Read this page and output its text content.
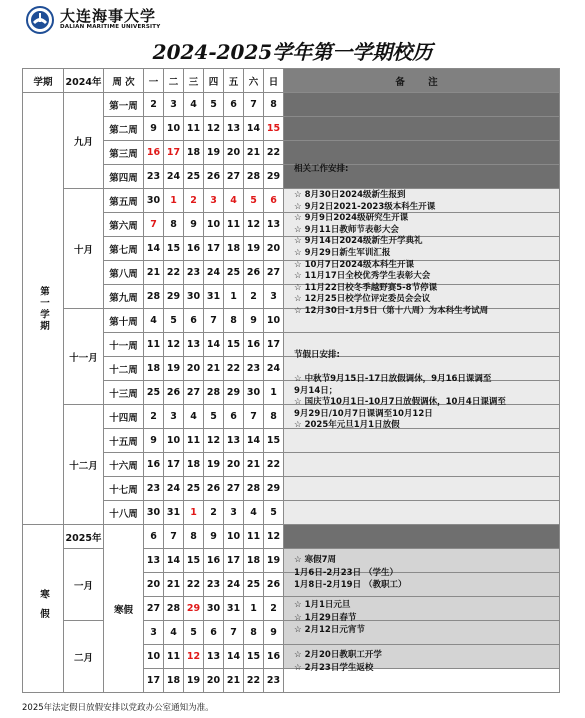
大连海事大学
DALIAN MARITIME UNIVERSITY
2024-2025学年第一学期校历
学期	2024年	周 次	一	二	三	四	五	六	日	备 注
第一学期	九月	第一周	2	3	4	5	6	7	8	
		第二周	9	10	11	12	13	14	15	
		第三周	16	17	18	19	20	21	22	
		第四周	23	24	25	26	27	28	29	
	十月	第五周	30	1	2	3	4	5	6	
		第六周	7	8	9	10	11	12	13	
		第七周	14	15	16	17	18	19	20	
		第八周	21	22	23	24	25	26	27	
		第九周	28	29	30	31	1	2	3	
	十一月	第十周	4	5	6	7	8	9	10	
		十一周	11	12	13	14	15	16	17	
		十二周	18	19	20	21	22	23	24	
		十三周	25	26	27	28	29	30	1	
	十二月	十四周	2	3	4	5	6	7	8	
		十五周	9	10	11	12	13	14	15	
		十六周	16	17	18	19	20	21	22	
		十七周	23	24	25	26	27	28	29	
		十八周	30	31	1	2	3	4	5	
寒假	2025年	寒假	6	7	8	9	10	11	12	
	一月		13	14	15	16	17	18	19	
			20	21	22	23	24	25	26	
			27	28	29	30	31	1	2	
	二月		3	4	5	6	7	8	9	
			10	11	12	13	14	15	16	
			17	18	19	20	21	22	23	
相关工作安排:
☆ 8月30日2024级新生报到
☆ 9月2日2021-2023级本科生开课
☆ 9月9日2024级研究生开课
☆ 9月11日教师节表彰大会
☆ 9月14日2024级新生开学典礼
☆ 9月29日新生军训汇报
☆ 10月7日2024级本科生开课
☆ 11月17日全校优秀学生表彰大会
☆ 11月22日校冬季越野赛5-8节停课
☆ 12月25日校学位评定委员会会议
☆ 12月30日-1月5日（第十八周）为本科生考试周
节假日安排:
☆ 中秋节9月15日-17日放假调休，9月16日课调至
9月14日；
☆ 国庆节10月1日-10月7日放假调休，10月4日课调至
9月29日/10月7日课调至10月12日
☆ 2025年元旦1月1日放假
☆ 寒假7周
1月6日-2月23日 （学生）
1月8日-2月19日 （教职工）
☆ 1月1日元旦
☆ 1月29日春节
☆ 2月12日元宵节
☆ 2月20日教职工开学
☆ 2月23日学生返校
2025年法定假日放假安排以党政办公室通知为准。
